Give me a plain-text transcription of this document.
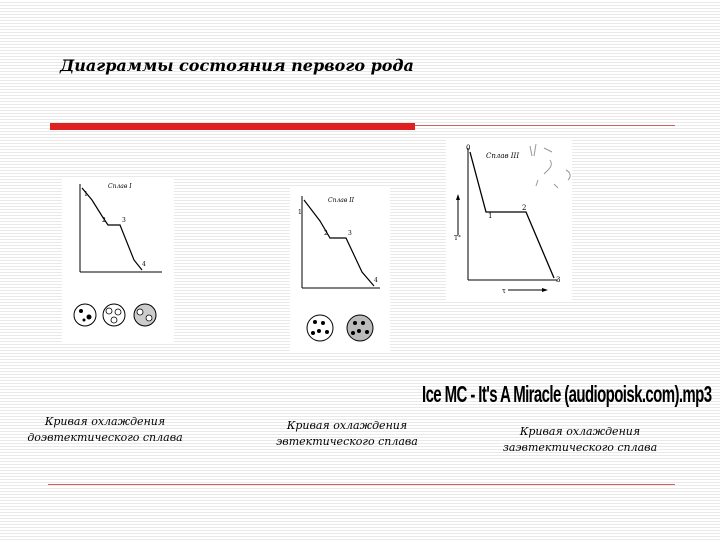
Диаграммы состояния первого рода
Сплав I
1
2	3
4
Сплав II
1
2	3
4
Сплав III
0
1
2
3
T°
τ
Кривая охлаждения
доэвтектического сплава
Кривая охлаждения
эвтектического сплава
Ice MC - It's A Miracle (audiopoisk.com).mp3
Кривая охлаждения
заэвтектического сплава
